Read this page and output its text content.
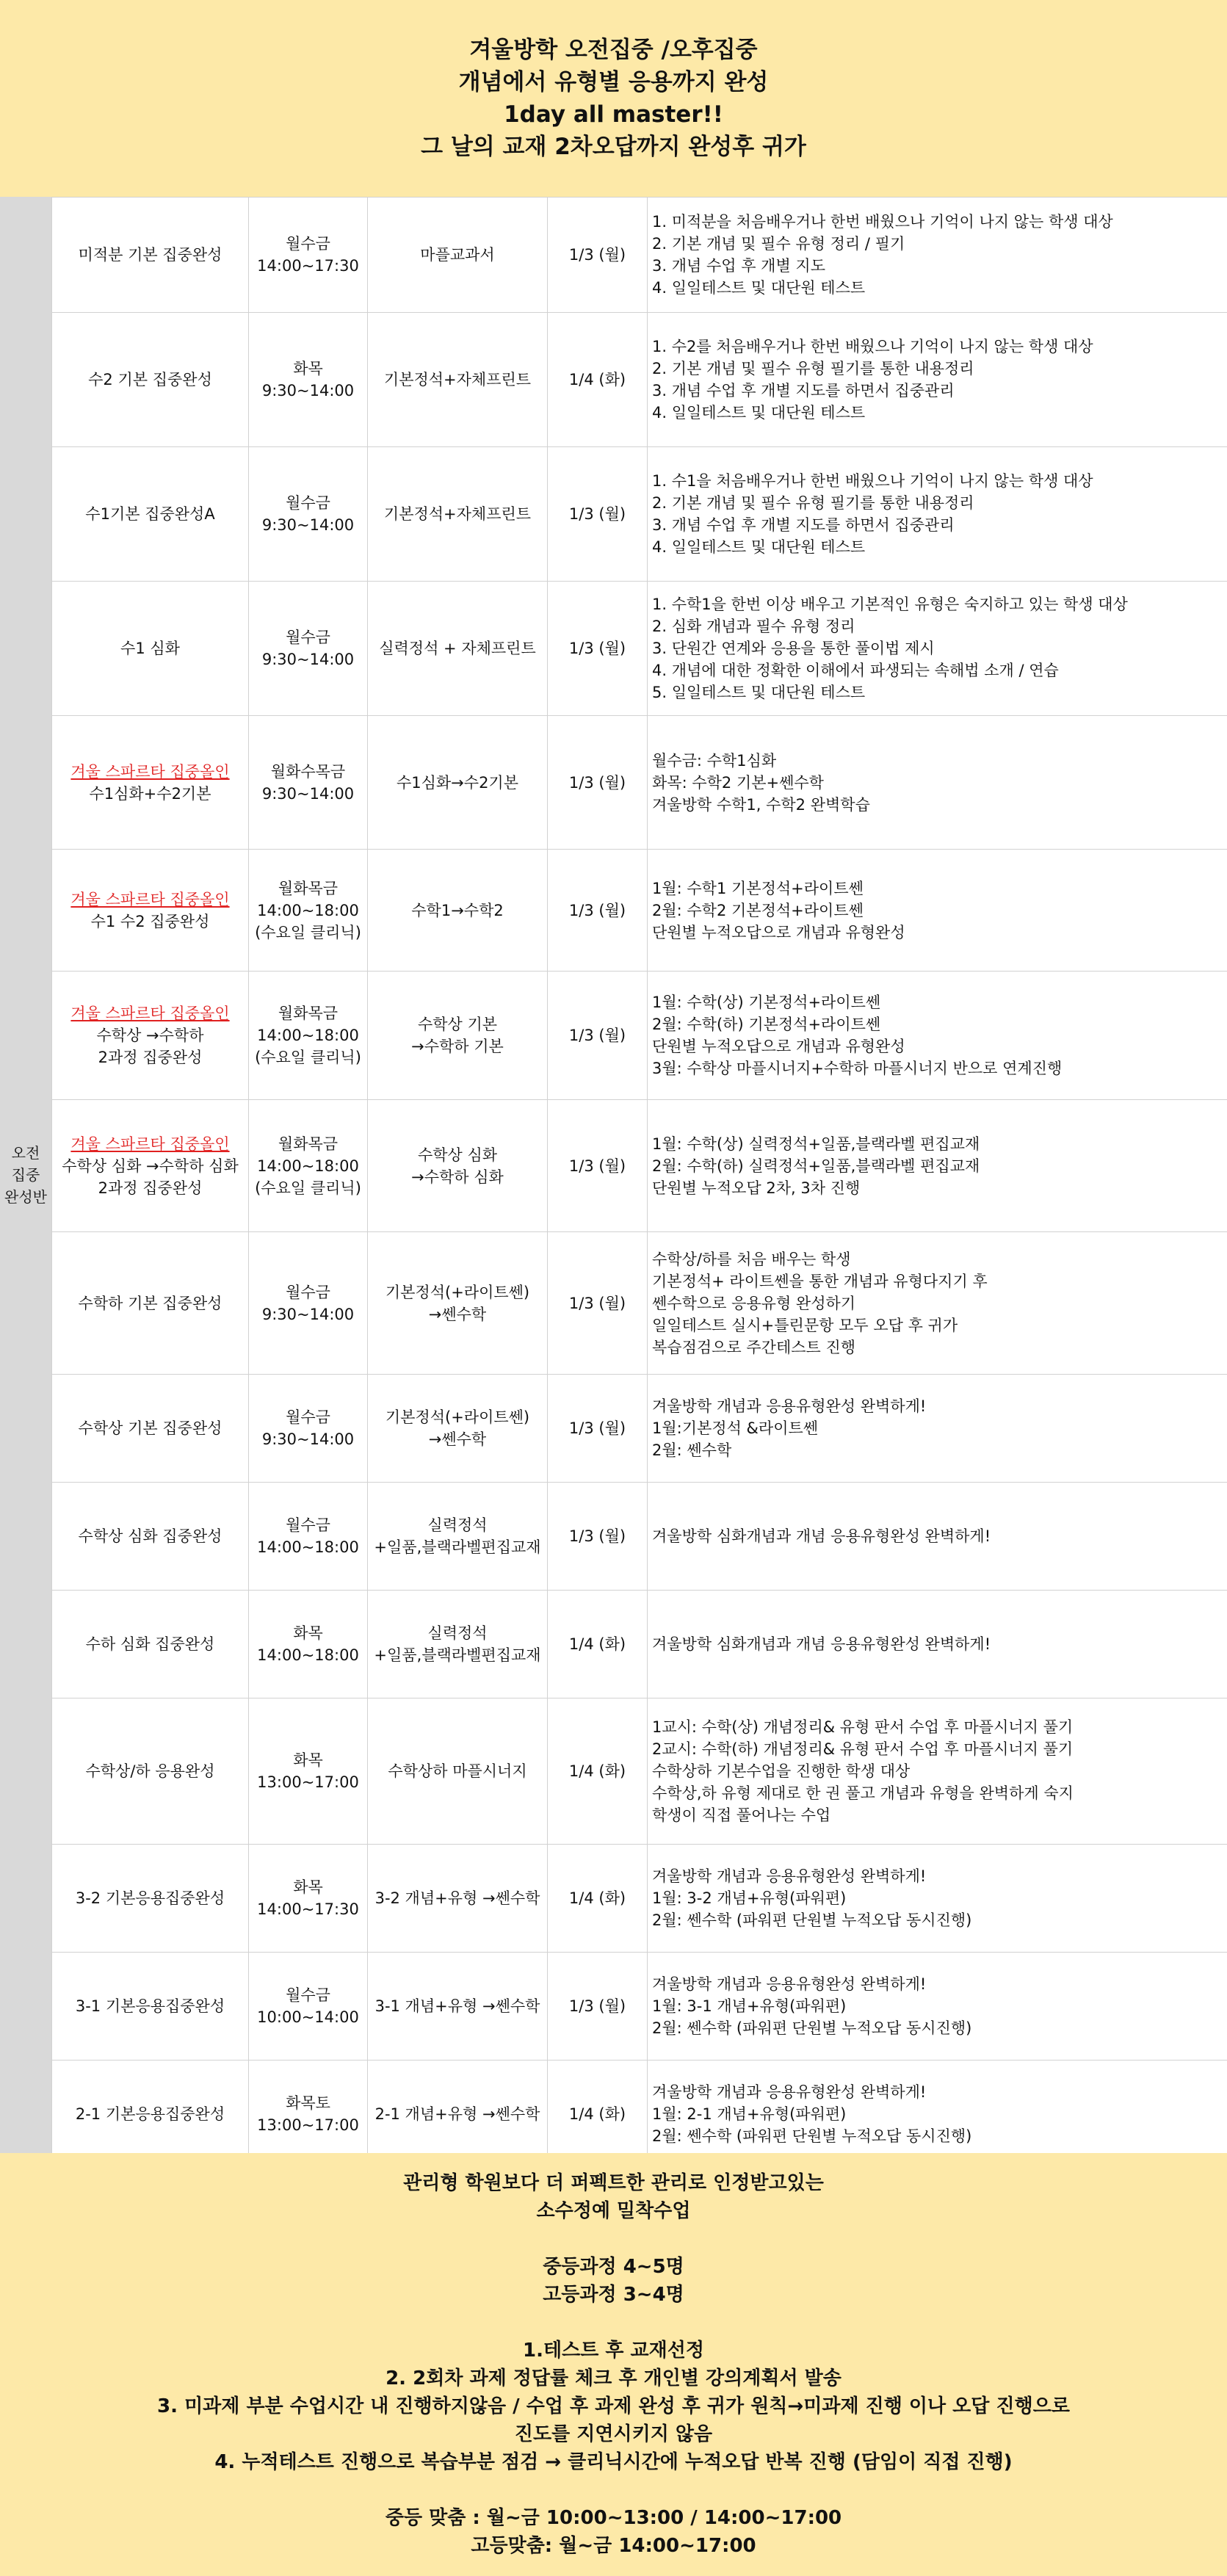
겨울방학 오전집중 /오후집중
개념에서 유형별 응용까지 완성
1day all master!!
그 날의 교재 2차오답까지 완성후 귀가
오전
집중
완성반
미적분 기본 집중완성	월수금
14:00~17:30	마플교과서	1/3 (월)	1. 미적분을 처음배우거나 한번 배웠으나 기억이 나지 않는 학생 대상
2. 기본 개념 및 필수 유형 정리 / 필기
3. 개념 수업 후 개별 지도
4. 일일테스트 및 대단원 테스트

수2 기본 집중완성	화목
9:30~14:00	기본정석+자체프린트	1/4 (화)	1. 수2를 처음배우거나 한번 배웠으나 기억이 나지 않는 학생 대상
2. 기본 개념 및 필수 유형 필기를 통한 내용정리
3. 개념 수업 후 개별 지도를 하면서 집중관리
4. 일일테스트 및 대단원 테스트

수1기본 집중완성A	월수금
9:30~14:00	기본정석+자체프린트	1/3 (월)	1. 수1을 처음배우거나 한번 배웠으나 기억이 나지 않는 학생 대상
2. 기본 개념 및 필수 유형 필기를 통한 내용정리
3. 개념 수업 후 개별 지도를 하면서 집중관리
4. 일일테스트 및 대단원 테스트

수1 심화	월수금
9:30~14:00	실력정석 + 자체프린트	1/3 (월)	1. 수학1을 한번 이상 배우고 기본적인 유형은 숙지하고 있는 학생 대상
2. 심화 개념과 필수 유형 정리
3. 단원간 연계와 응용을 통한 풀이법 제시
4. 개념에 대한 정확한 이해에서 파생되는 속해법 소개 / 연습
5. 일일테스트 및 대단원 테스트

겨울 스파르타 집중올인
수1심화+수2기본	월화수목금
9:30~14:00	수1심화→수2기본	1/3 (월)	월수금: 수학1심화
화목: 수학2 기본+쎈수학
겨울방학 수학1, 수학2 완벽학습

겨울 스파르타 집중올인
수1 수2 집중완성	월화목금
14:00~18:00
(수요일 클리닉)	수학1→수학2	1/3 (월)	1월: 수학1 기본정석+라이트쎈
2월: 수학2 기본정석+라이트쎈
단원별 누적오답으로 개념과 유형완성

겨울 스파르타 집중올인
수학상 →수학하
2과정 집중완성	월화목금
14:00~18:00
(수요일 클리닉)	수학상 기본
→수학하 기본	1/3 (월)	1월: 수학(상) 기본정석+라이트쎈
2월: 수학(하) 기본정석+라이트쎈
단원별 누적오답으로 개념과 유형완성
3월: 수학상 마플시너지+수학하 마플시너지 반으로 연계진행

겨울 스파르타 집중올인
수학상 심화 →수학하 심화
2과정 집중완성	월화목금
14:00~18:00
(수요일 클리닉)	수학상 심화
→수학하 심화	1/3 (월)	1월: 수학(상) 실력정석+일품,블랙라벨 편집교재
2월: 수학(하) 실력정석+일품,블랙라벨 편집교재
단원별 누적오답 2차, 3차 진행

수학하 기본 집중완성	월수금
9:30~14:00	기본정석(+라이트쎈)
→쎈수학	1/3 (월)	수학상/하를 처음 배우는 학생
기본정석+ 라이트쎈을 통한 개념과 유형다지기 후
쎈수학으로 응용유형 완성하기
일일테스트 실시+틀린문항 모두 오답 후 귀가
복습점검으로 주간테스트 진행

수학상 기본 집중완성	월수금
9:30~14:00	기본정석(+라이트쎈)
→쎈수학	1/3 (월)	겨울방학 개념과 응용유형완성 완벽하게!
1월:기본정석 &라이트쎈
2월: 쎈수학

수학상 심화 집중완성	월수금
14:00~18:00	실력정석
+일품,블랙라벨편집교재	1/3 (월)	겨울방학 심화개념과 개념 응용유형완성 완벽하게!

수하 심화 집중완성	화목
14:00~18:00	실력정석
+일품,블랙라벨편집교재	1/4 (화)	겨울방학 심화개념과 개념 응용유형완성 완벽하게!

수학상/하 응용완성	화목
13:00~17:00	수학상하 마플시너지	1/4 (화)	1교시: 수학(상) 개념정리& 유형 판서 수업 후 마플시너지 풀기
2교시: 수학(하) 개념정리& 유형 판서 수업 후 마플시너지 풀기
수학상하 기본수업을 진행한 학생 대상
수학상,하 유형 제대로 한 권 풀고 개념과 유형을 완벽하게 숙지
학생이 직접 풀어나는 수업

3-2 기본응용집중완성	화목
14:00~17:30	3-2 개념+유형 →쎈수학	1/4 (화)	겨울방학 개념과 응용유형완성 완벽하게!
1월: 3-2 개념+유형(파워편)
2월: 쎈수학 (파워편 단원별 누적오답 동시진행)

3-1 기본응용집중완성	월수금
10:00~14:00	3-1 개념+유형 →쎈수학	1/3 (월)	겨울방학 개념과 응용유형완성 완벽하게!
1월: 3-1 개념+유형(파워편)
2월: 쎈수학 (파워편 단원별 누적오답 동시진행)

2-1 기본응용집중완성	화목토
13:00~17:00	2-1 개념+유형 →쎈수학	1/4 (화)	겨울방학 개념과 응용유형완성 완벽하게!
1월: 2-1 개념+유형(파워편)
2월: 쎈수학 (파워편 단원별 누적오답 동시진행)
관리형 학원보다 더 퍼펙트한 관리로 인정받고있는
소수정예 밀착수업
중등과정 4~5명
고등과정 3~4명
1.테스트 후 교재선정
2. 2회차 과제 정답률 체크 후 개인별 강의계획서 발송
3. 미과제 부분 수업시간 내 진행하지않음 / 수업 후 과제 완성 후 귀가 원칙→미과제 진행 이나 오답 진행으로
진도를 지연시키지 않음
4. 누적테스트 진행으로 복습부분 점검 → 클리닉시간에 누적오답 반복 진행 (담임이 직접 진행)
중등 맞춤 : 월~금 10:00~13:00 / 14:00~17:00
고등맞춤: 월~금 14:00~17:00
